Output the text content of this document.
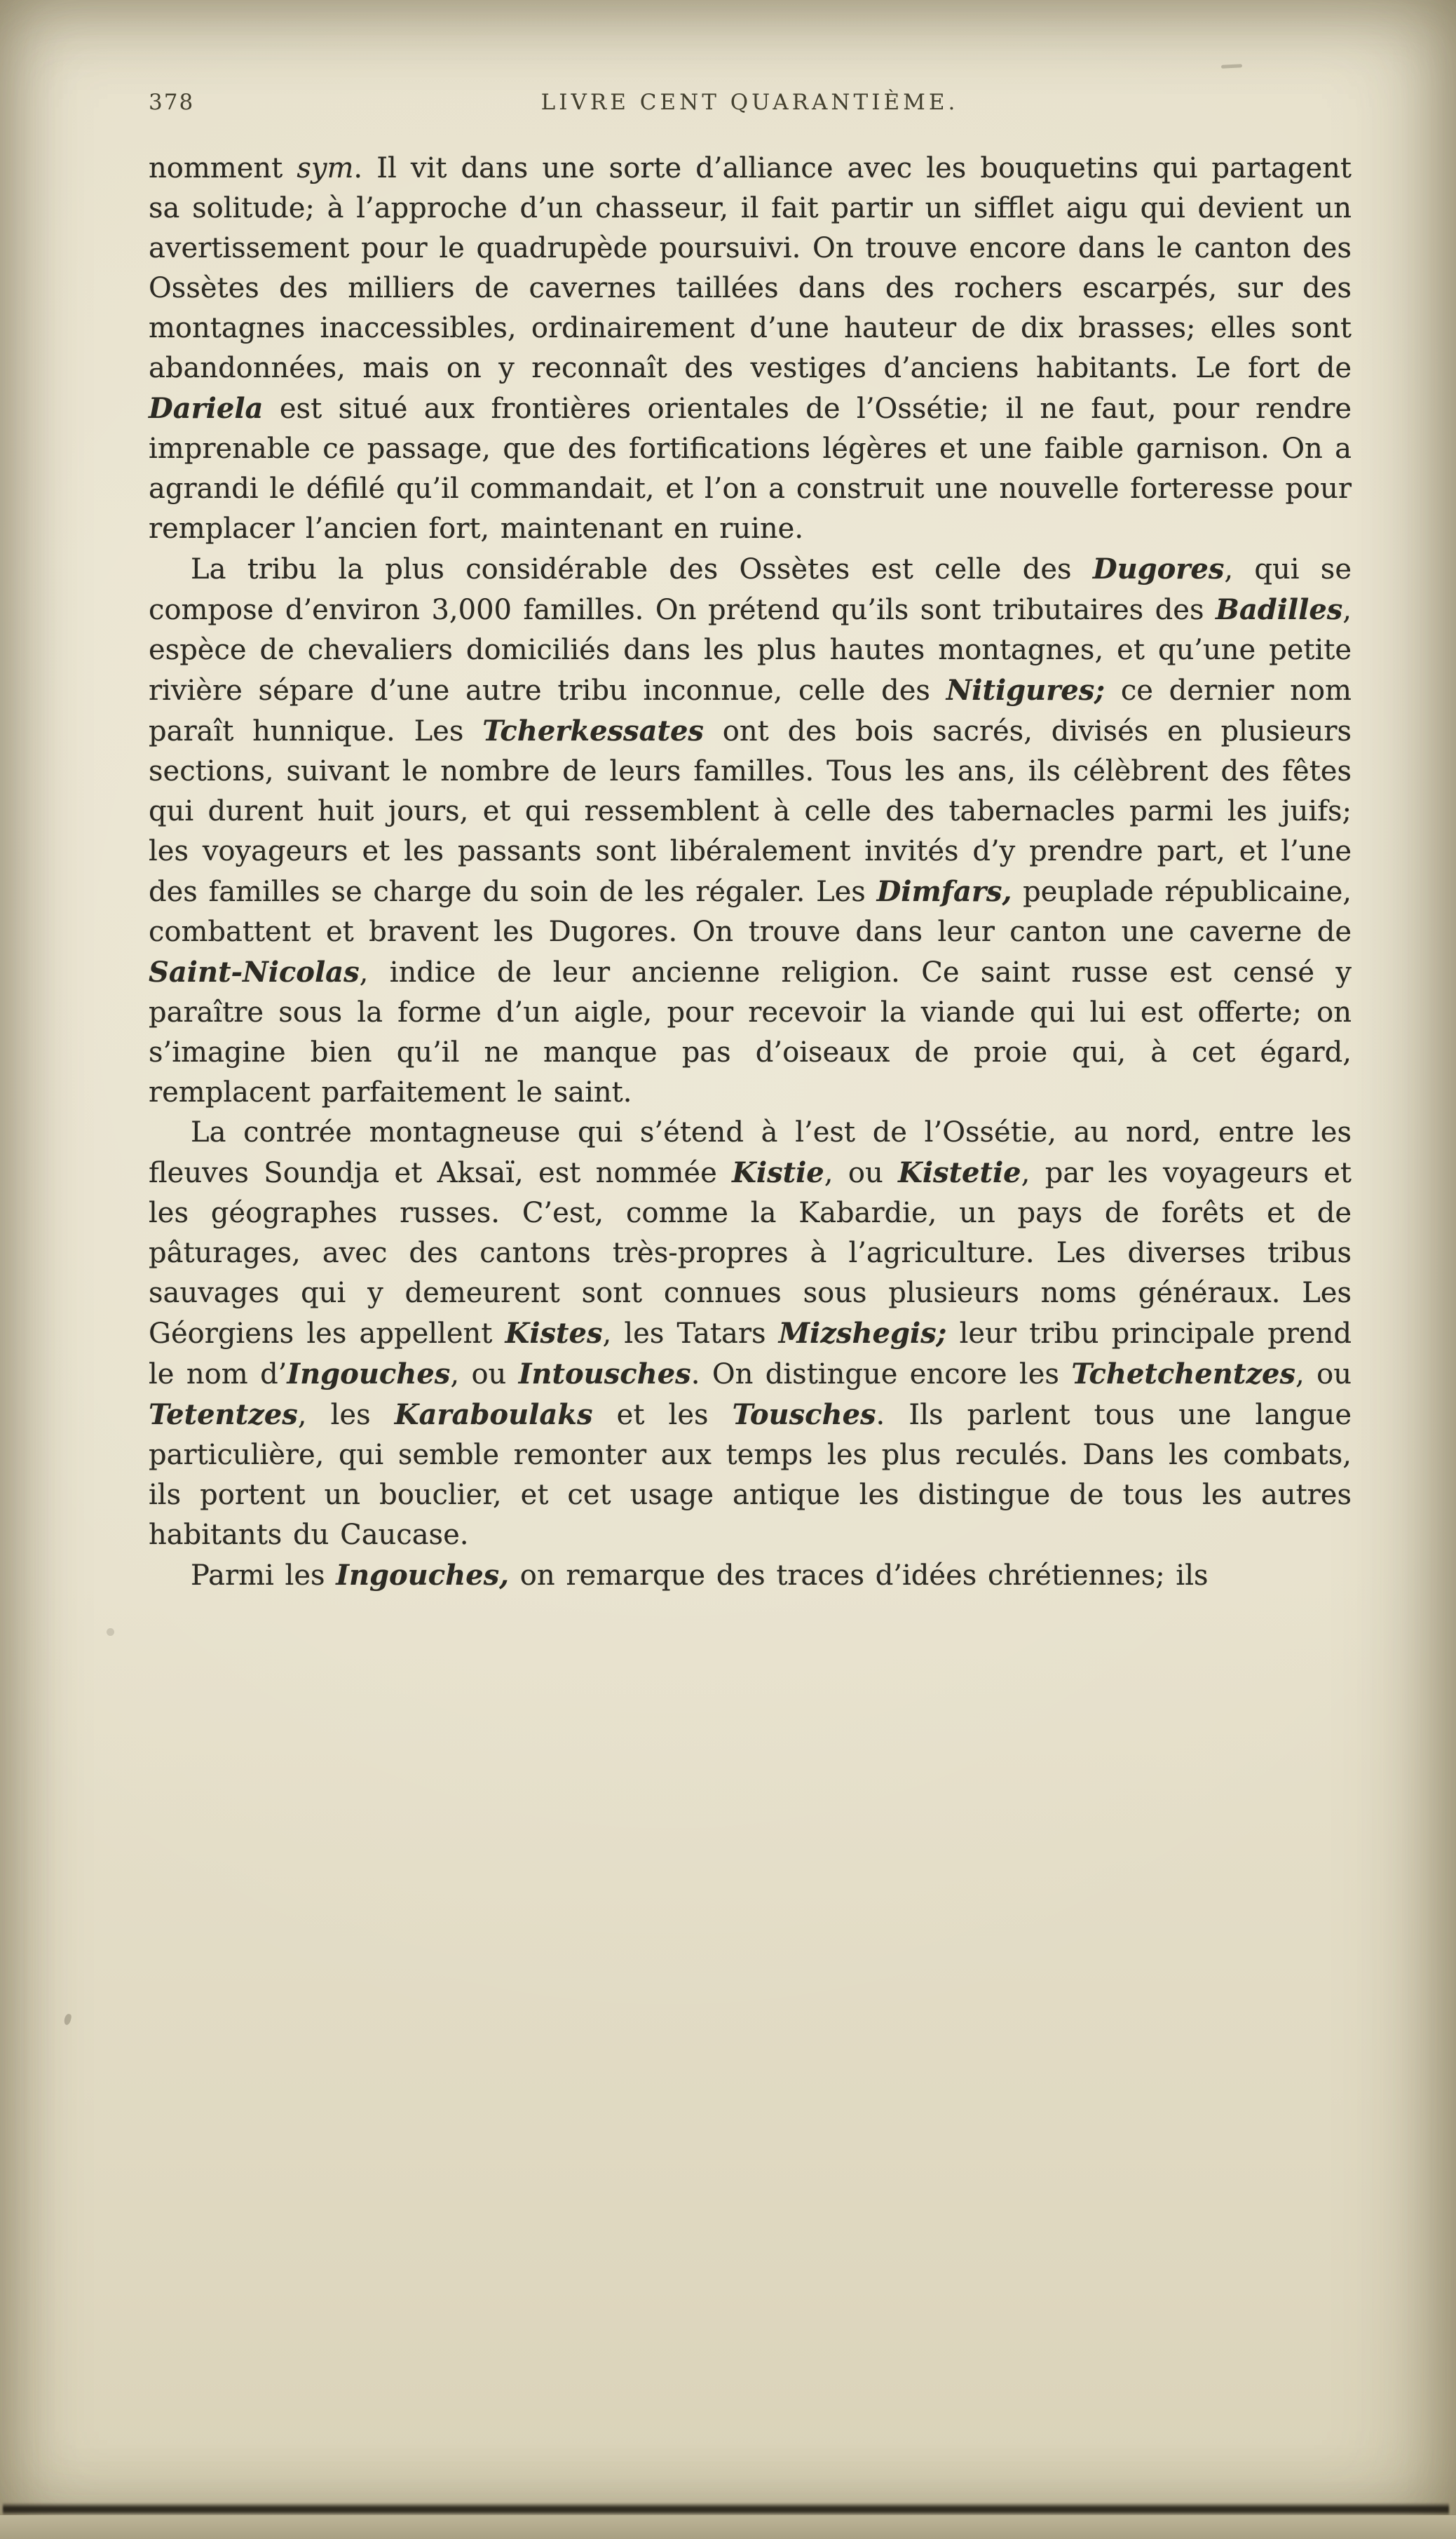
378	LIVRE CENT QUARANTIÈME.

nomment sym. Il vit dans une sorte d’alliance avec les bouquetins qui partagent sa solitude; à l’approche d’un chasseur, il fait partir un sifflet aigu qui devient un avertissement pour le quadrupède poursuivi. On trouve encore dans le canton des Ossètes des milliers de cavernes taillées dans des rochers escarpés, sur des montagnes inaccessibles, ordinairement d’une hauteur de dix brasses; elles sont abandonnées, mais on y reconnaît des vestiges d’anciens habitants. Le fort de Dariela est situé aux frontières orientales de l’Ossétie; il ne faut, pour rendre imprenable ce passage, que des fortifications légères et une faible garnison. On a agrandi le défilé qu’il commandait, et l’on a construit une nouvelle forteresse pour remplacer l’ancien fort, maintenant en ruine.

La tribu la plus considérable des Ossètes est celle des Dugores, qui se compose d’environ 3,000 familles. On prétend qu’ils sont tributaires des Badilles, espèce de chevaliers domiciliés dans les plus hautes montagnes, et qu’une petite rivière sépare d’une autre tribu inconnue, celle des Nitigures; ce dernier nom paraît hunnique. Les Tcherkessates ont des bois sacrés, divisés en plusieurs sections, suivant le nombre de leurs familles. Tous les ans, ils célèbrent des fêtes qui durent huit jours, et qui ressemblent à celle des tabernacles parmi les juifs; les voyageurs et les passants sont libéralement invités d’y prendre part, et l’une des familles se charge du soin de les régaler. Les Dimfars, peuplade républicaine, combattent et bravent les Dugores. On trouve dans leur canton une caverne de Saint-Nicolas, indice de leur ancienne religion. Ce saint russe est censé y paraître sous la forme d’un aigle, pour recevoir la viande qui lui est offerte; on s’imagine bien qu’il ne manque pas d’oiseaux de proie qui, à cet égard, remplacent parfaitement le saint.

La contrée montagneuse qui s’étend à l’est de l’Ossétie, au nord, entre les fleuves Soundja et Aksaï, est nommée Kistie, ou Kistetie, par les voyageurs et les géographes russes. C’est, comme la Kabardie, un pays de forêts et de pâturages, avec des cantons très-propres à l’agriculture. Les diverses tribus sauvages qui y demeurent sont connues sous plusieurs noms généraux. Les Géorgiens les appellent Kistes, les Tatars Mizshegis; leur tribu principale prend le nom d’Ingouches, ou Intousches. On distingue encore les Tchetchentzes, ou Tetentzes, les Karaboulaks et les Tousches. Ils parlent tous une langue particulière, qui semble remonter aux temps les plus reculés. Dans les combats, ils portent un bouclier, et cet usage antique les distingue de tous les autres habitants du Caucase.

Parmi les Ingouches, on remarque des traces d’idées chrétiennes; ils
